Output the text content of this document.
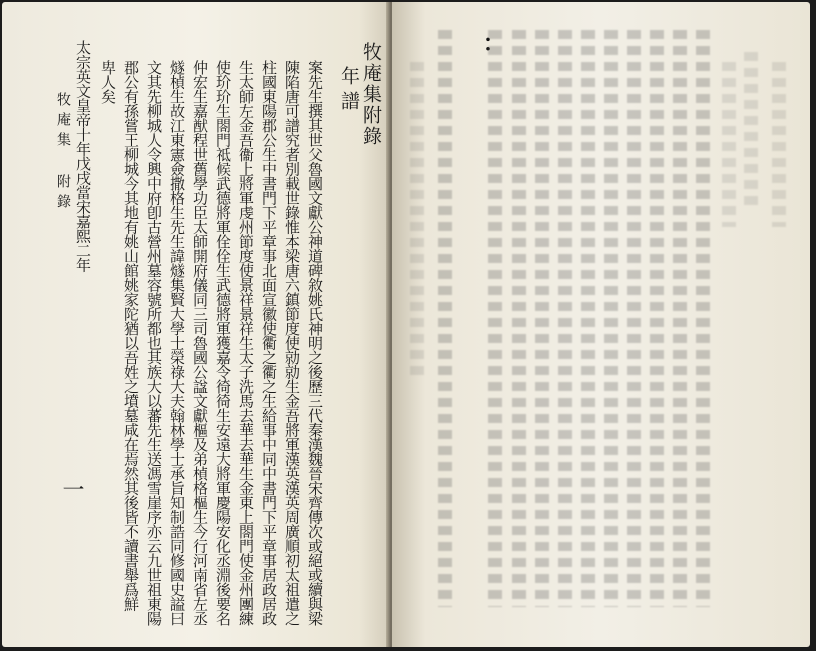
牧庵集 附錄
一
太宗英文皇帝十年戊戌當宋嘉熙二年 卑人矣 郡公有孫嘗王柳城今其地有姚山館姚家陀猶以吾姓之墳墓咸在焉然其後皆不讀書舉爲鮮 文其先柳城人令興中府卽古營州墓容號所都也其族大以蕃先生送馮雪崖序亦云九世祖東陽 燧楨生故江東憲僉撒格生先生諱燧集賢大學士榮祿大夫翰林學士承旨知制誥同修國史謚曰 仲宏生嘉猷程世舊學功臣太師開府儀同三司魯國公諡文獻樞及弟楨格樞生今行河南省左丞 使玠玠生閤門祗候武德將軍佺佺生武德將軍獲嘉令徛徛生安遠大將軍慶陽安化丞淵後要名 生太師左金吾衞上將軍虔州節度使景祥景祥生太子洗馬去華去華生金東上閤門使金州團練 柱國東陽郡公生中書門下平章事北面宣徽使衢之衢之生給事中同中書門下平章事居政居政 陳陷唐可譜究者別載世錄惟本梁唐六鎮節度使勍勍生金吾將軍漢英漢英周廣順初太祖遣之 案先生撰其世父魯國文獻公神道碑敘姚氏神明之後歷三代秦漢魏晉宋齊傳次或絕或續與梁 年譜 牧庵集附錄	：
